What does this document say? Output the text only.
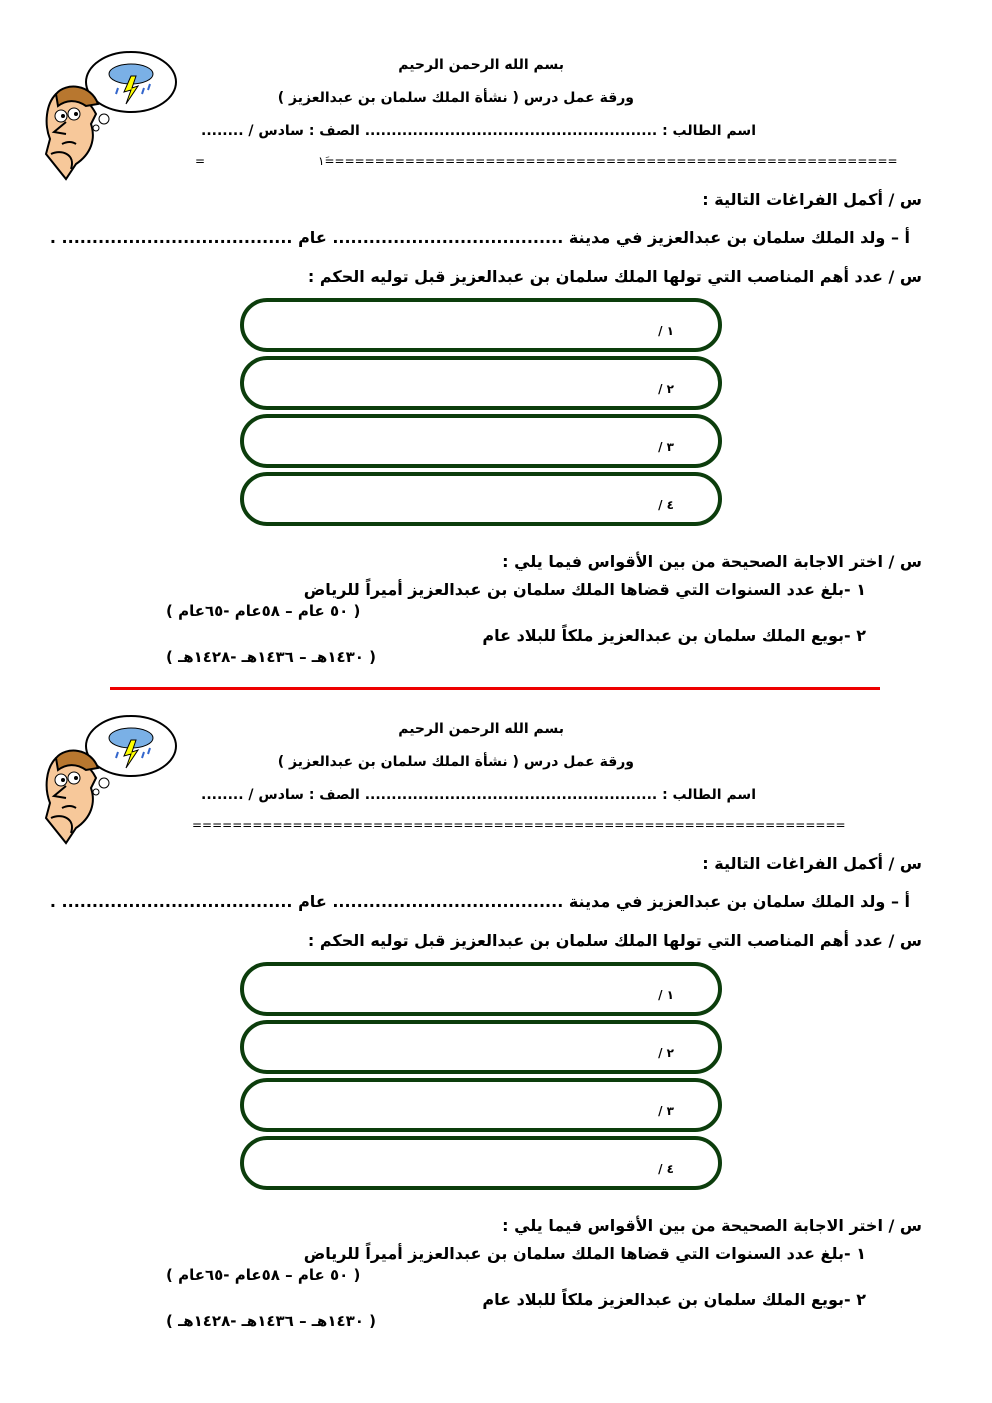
بسم الله الرحمن الرحيم
ورقة عمل درس ( نشأة الملك سلمان بن عبدالعزيز )
اسم الطالب : ....................................................... الصف : سادس / ........
١َ=========================================================
=
س / أكمل الفراغات التالية :
أ – ولد الملك سلمان بن عبدالعزيز في مدينة ...................................... عام ...................................... .
س / عدد أهم المناصب التي تولها الملك سلمان بن عبدالعزيز قبل توليه الحكم :
١ /
٢ /
٣ /
٤ /
س / اختر الاجابة الصحيحة من بين الأقواس فيما يلي :
١ -بلغ عدد السنوات التي قضاها الملك سلمان بن عبدالعزيز أميراً للرياض
( ٥٠ عام – ٥٨عام -٦٥عام )
٢ -بويع الملك سلمان بن عبدالعزيز ملكاً للبلاد عام
( ١٤٣٠هـ – ١٤٣٦هـ -١٤٢٨هـ )
بسم الله الرحمن الرحيم
ورقة عمل درس ( نشأة الملك سلمان بن عبدالعزيز )
اسم الطالب : ....................................................... الصف : سادس / ........
=================================================================
س / أكمل الفراغات التالية :
أ – ولد الملك سلمان بن عبدالعزيز في مدينة ...................................... عام ...................................... .
س / عدد أهم المناصب التي تولها الملك سلمان بن عبدالعزيز قبل توليه الحكم :
١ /
٢ /
٣ /
٤ /
س / اختر الاجابة الصحيحة من بين الأقواس فيما يلي :
١ -بلغ عدد السنوات التي قضاها الملك سلمان بن عبدالعزيز أميراً للرياض
( ٥٠ عام – ٥٨عام -٦٥عام )
٢ -بويع الملك سلمان بن عبدالعزيز ملكاً للبلاد عام
( ١٤٣٠هـ – ١٤٣٦هـ -١٤٢٨هـ )
